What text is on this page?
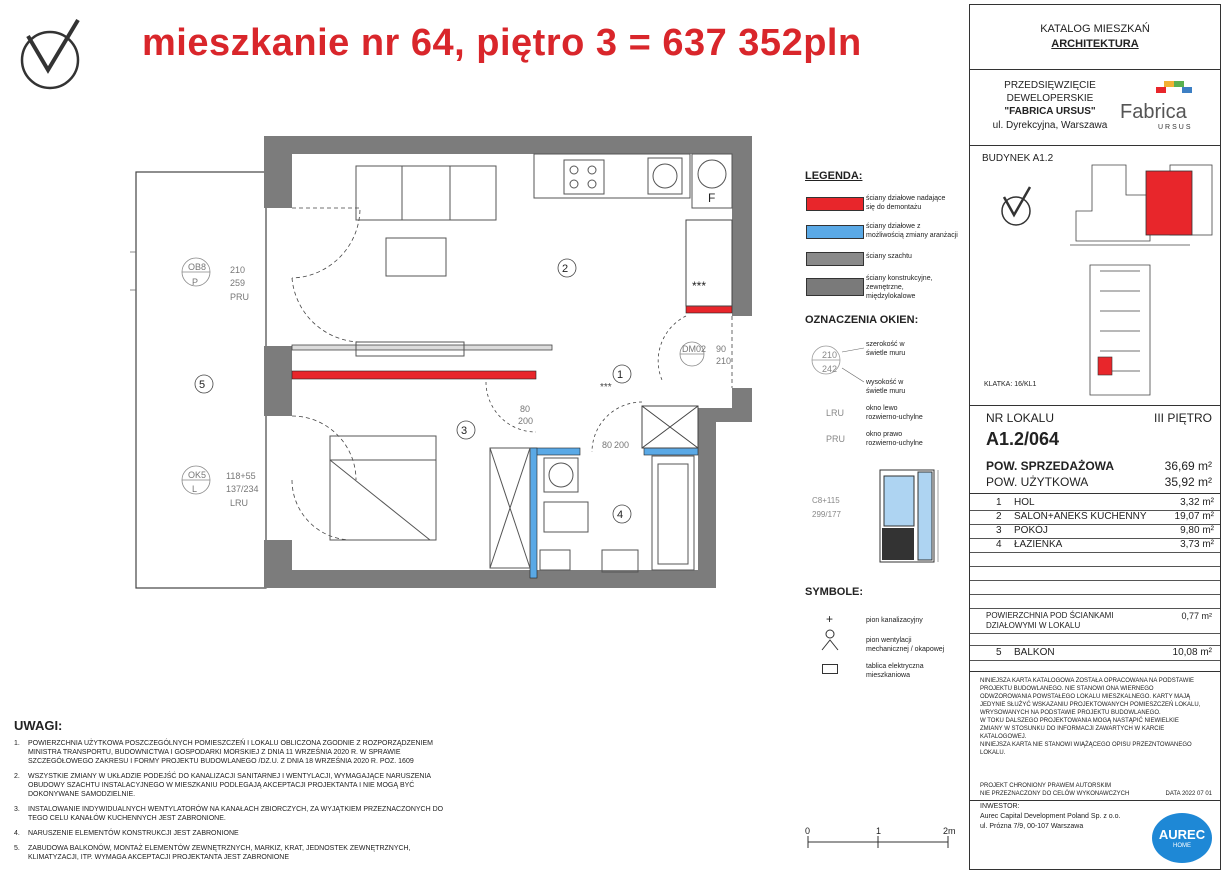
mieszkanie nr 64, piętro 3 = 637 352pln
F
***
***
2
1
3
4
5
OB8
P
210
259
PRU
OK5
L
118+55
137/234
LRU
DM02 90
210
80
200
80 200
LEGENDA:
ściany działowe nadające
się do demontażu
ściany działowe z
możliwością zmiany aranżacji
ściany szachtu
ściany konstrukcyjne,
zewnętrzne,
międzylokalowe
OZNACZENIA OKIEN:
210
242
szerokość w
świetle muru
wysokość w
świetle muru
LRU	okno lewo
rozwierno-uchylne
PRU	okno prawo
rozwierno-uchylne
C8+115
299/177
SYMBOLE:
+	pion kanalizacyjny
pion wentylacji
mechanicznej / okapowej
tablica elektryczna
mieszkaniowa
0	1	2m
UWAGI:
1. POWIERZCHNIA UŻYTKOWA POSZCZEGÓLNYCH POMIESZCZEŃ I LOKALU OBLICZONA ZGODNIE Z ROZPORZĄDZENIEM MINISTRA TRANSPORTU, BUDOWNICTWA I GOSPODARKI MORSKIEJ Z DNIA 11 WRZEŚNIA 2020 R. W SPRAWIE SZCZEGÓŁOWEGO ZAKRESU I FORMY PROJEKTU BUDOWLANEGO /DZ.U. Z DNIA 18 WRZEŚNIA 2020 R. POZ. 1609
2. WSZYSTKIE ZMIANY W UKŁADZIE PODEJŚĆ DO KANALIZACJI SANITARNEJ I WENTYLACJI, WYMAGAJĄCE NARUSZENIA OBUDOWY SZACHTU INSTALACYJNEGO W MIESZKANIU PODLEGAJĄ AKCEPTACJI PROJEKTANTA I NIE MOGĄ BYĆ DOKONYWANE SAMODZIELNIE.
3. INSTALOWANIE INDYWIDUALNYCH WENTYLATORÓW NA KANAŁACH ZBIORCZYCH, ZA WYJĄTKIEM PRZEZNACZONYCH DO TEGO CELU KANAŁÓW KUCHENNYCH JEST ZABRONIONE.
4. NARUSZENIE ELEMENTÓW KONSTRUKCJI JEST ZABRONIONE
5. ZABUDOWA BALKONÓW, MONTAŻ ELEMENTÓW ZEWNĘTRZNYCH, MARKIZ, KRAT, JEDNOSTEK ZEWNĘTRZNYCH, KLIMATYZACJI, ITP. WYMAGA AKCEPTACJI PROJEKTANTA JEST ZABRONIONE
KATALOG MIESZKAŃ
ARCHITEKTURA
PRZEDSIĘWZIĘCIE
DEWELOPERSKIE
"FABRICA URSUS"
ul. Dyrekcyjna, Warszawa
Fabrica
URSUS
BUDYNEK A1.2
KLATKA: 16/KL1
NR LOKALU	III PIĘTRO
A1.2/064
POW. SPRZEDAŻOWA	36,69 m²
POW. UŻYTKOWA	35,92 m²
1 HOL	3,32 m²
2 SALON+ANEKS KUCHENNY	19,07 m²
3 POKÓJ	9,80 m²
4 ŁAZIENKA	3,73 m²
POWIERZCHNIA POD ŚCIANKAMI
DZIAŁOWYMI W LOKALU
0,77 m²
5 BALKON	10,08 m²
NINIEJSZA KARTA KATALOGOWA ZOSTAŁA OPRACOWANA NA PODSTAWIE
PROJEKTU BUDOWLANEGO. NIE STANOWI ONA WIERNEGO
ODWZOROWANIA POWSTAŁEGO LOKALU MIESZKALNEGO. KARTY MAJĄ
JEDYNIE SŁUŻYĆ WSKAZANIU PROJEKTOWANYCH POMIESZCZEŃ LOKALU,
WRYSOWANYCH NA PODSTAWIE PROJEKTU BUDOWLANEGO.
W TOKU DALSZEGO PROJEKTOWANIA MOGĄ NASTĄPIĆ NIEWIELKIE
ZMIANY W STOSUNKU DO INFORMACJI ZAWARTYCH W KARCIE
KATALOGOWEJ.
NINIEJSZA KARTA NIE STANOWI WIĄŻĄCEGO OPISU PRZEZNTOWANEGO
LOKALU.
PROJEKT CHRONIONY PRAWEM AUTORSKIM
NIE PRZEZNACZONY DO CELÓW WYKONAWCZYCH	DATA 2022 07 01
INWESTOR:
Aurec Capital Development Poland Sp. z o.o.
ul. Prózna 7/9, 00-107 Warszawa
AUREC
HOME
